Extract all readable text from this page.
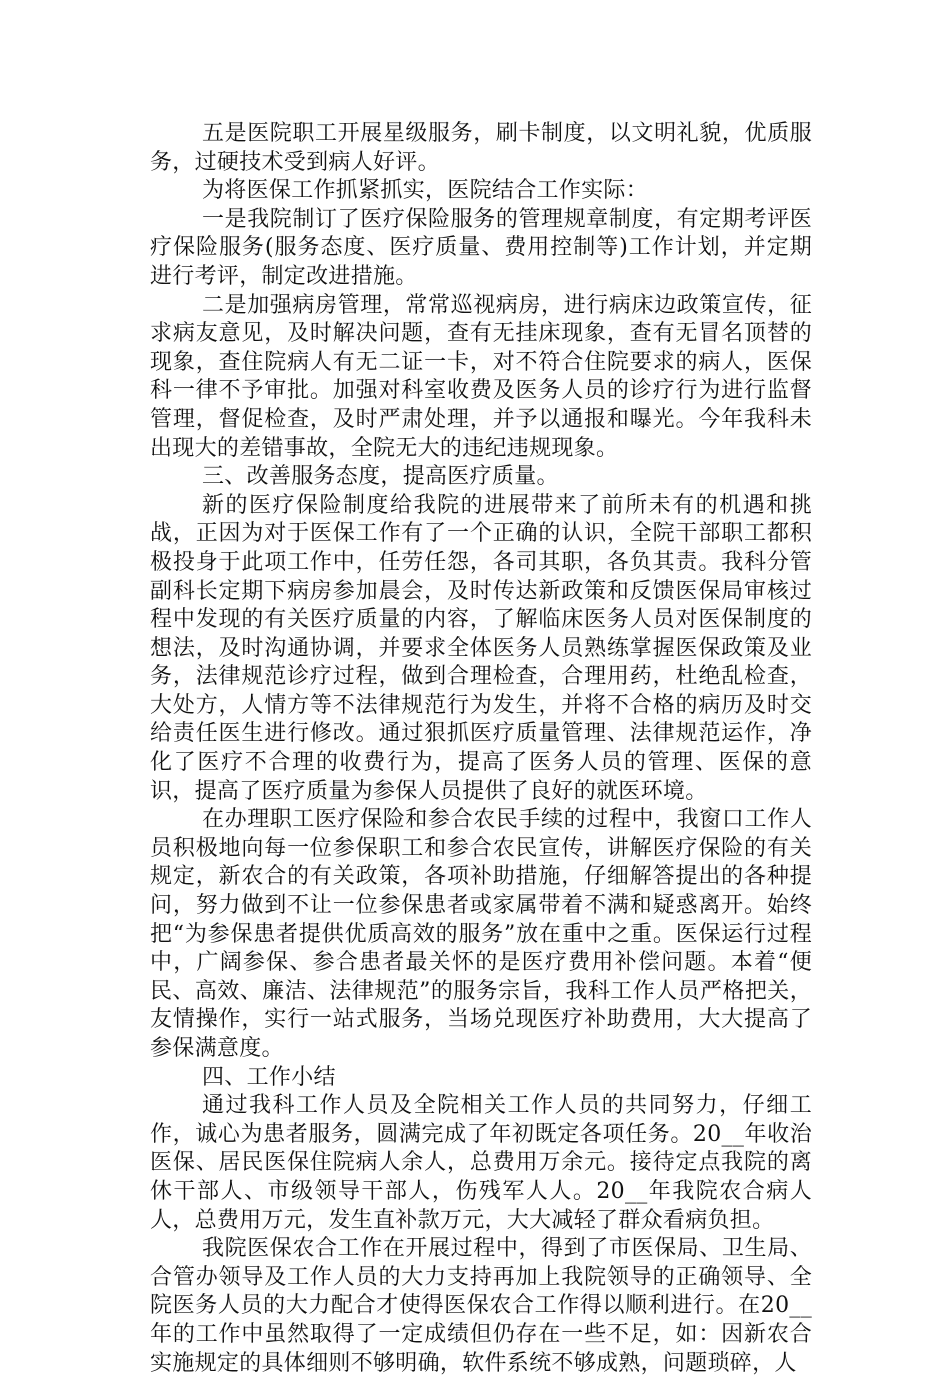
五是医院职工开展星级服务，刷卡制度，以文明礼貌，优质服务，过硬技术受到病人好评。

为将医保工作抓紧抓实，医院结合工作实际：

一是我院制订了医疗保险服务的管理规章制度，有定期考评医疗保险服务(服务态度、医疗质量、费用控制等)工作计划，并定期进行考评，制定改进措施。

二是加强病房管理，常常巡视病房，进行病床边政策宣传，征求病友意见，及时解决问题，查有无挂床现象，查有无冒名顶替的现象，查住院病人有无二证一卡，对不符合住院要求的病人，医保科一律不予审批。加强对科室收费及医务人员的诊疗行为进行监督管理，督促检查，及时严肃处理，并予以通报和曝光。今年我科未出现大的差错事故，全院无大的违纪违规现象。

三、改善服务态度，提高医疗质量。

新的医疗保险制度给我院的进展带来了前所未有的机遇和挑战，正因为对于医保工作有了一个正确的认识，全院干部职工都积极投身于此项工作中，任劳任怨，各司其职，各负其责。我科分管副科长定期下病房参加晨会，及时传达新政策和反馈医保局审核过程中发现的有关医疗质量的内容，了解临床医务人员对医保制度的想法，及时沟通协调，并要求全体医务人员熟练掌握医保政策及业务，法律规范诊疗过程，做到合理检查，合理用药，杜绝乱检查，大处方，人情方等不法律规范行为发生，并将不合格的病历及时交给责任医生进行修改。通过狠抓医疗质量管理、法律规范运作，净化了医疗不合理的收费行为，提高了医务人员的管理、医保的意识，提高了医疗质量为参保人员提供了良好的就医环境。

在办理职工医疗保险和参合农民手续的过程中，我窗口工作人员积极地向每一位参保职工和参合农民宣传，讲解医疗保险的有关规定，新农合的有关政策，各项补助措施，仔细解答提出的各种提问，努力做到不让一位参保患者或家属带着不满和疑惑离开。始终把“为参保患者提供优质高效的服务”放在重中之重。医保运行过程中，广阔参保、参合患者最关怀的是医疗费用补偿问题。本着“便民、高效、廉洁、法律规范”的服务宗旨，我科工作人员严格把关，友情操作，实行一站式服务，当场兑现医疗补助费用，大大提高了参保满意度。

四、工作小结

通过我科工作人员及全院相关工作人员的共同努力，仔细工作，诚心为患者服务，圆满完成了年初既定各项任务。20__年收治医保、居民医保住院病人余人，总费用万余元。接待定点我院的离休干部人、市级领导干部人，伤残军人人。20__年我院农合病人人，总费用万元，发生直补款万元，大大减轻了群众看病负担。

我院医保农合工作在开展过程中，得到了市医保局、卫生局、合管办领导及工作人员的大力支持再加上我院领导的正确领导、全院医务人员的大力配合才使得医保农合工作得以顺利进行。在20__年的工作中虽然取得了一定成绩但仍存在一些不足，如：因新农合实施规定的具体细则不够明确，软件系统不够成熟，问题琐碎，人
